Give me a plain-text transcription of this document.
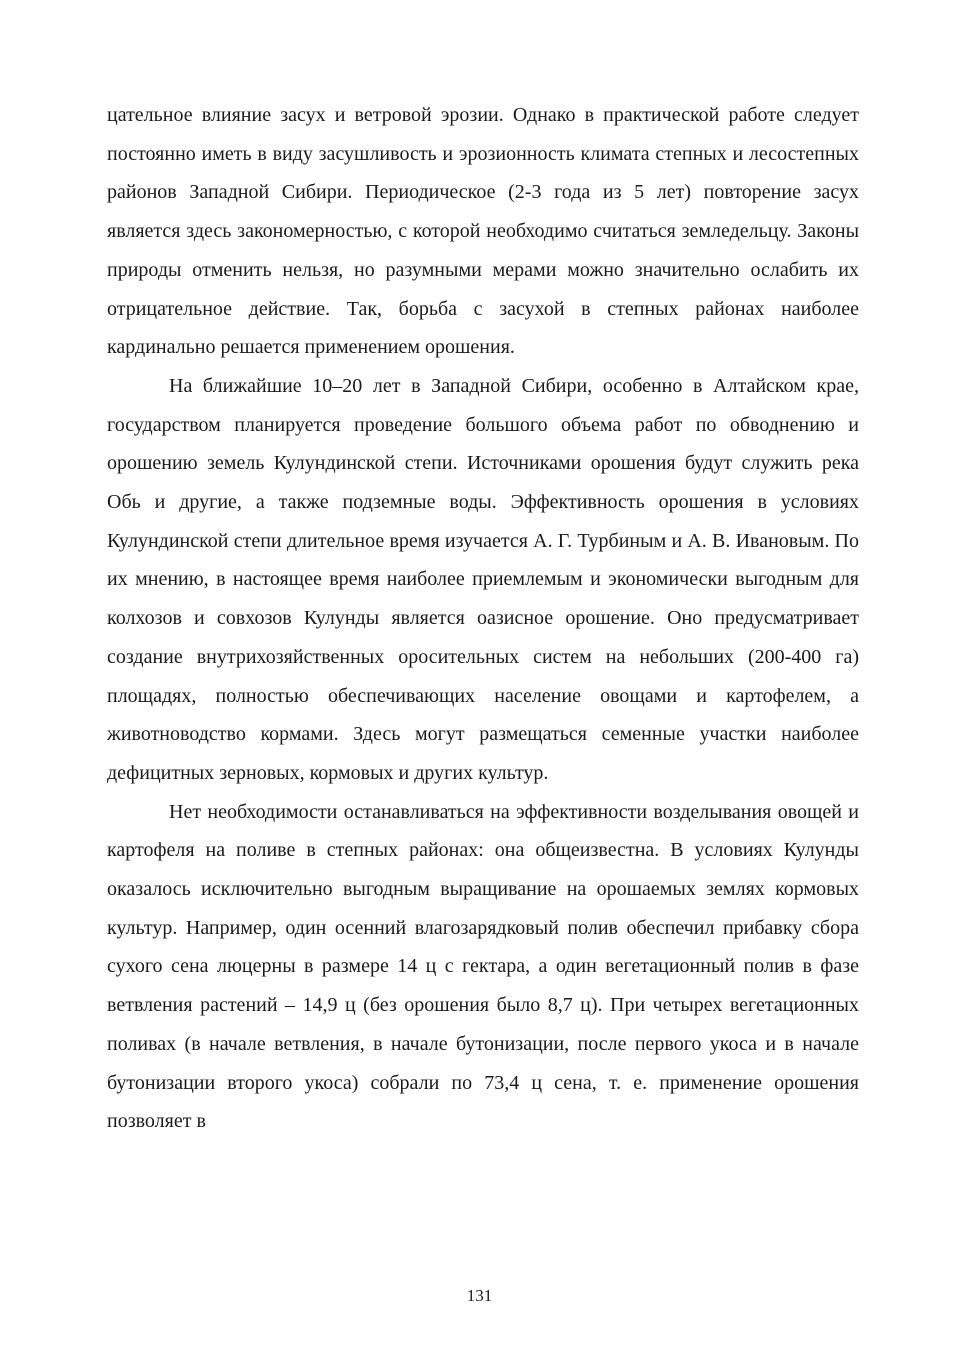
цательное влияние засух и ветровой эрозии. Однако в практической работе следует постоянно иметь в виду засушливость и эрозионность климата степных и лесостепных районов Западной Сибири. Периодическое (2-3 года из 5 лет) повторение засух является здесь закономерностью, с которой необходимо считаться земледельцу. Законы природы отменить нельзя, но разумными мерами можно значительно ослабить их отрицательное действие. Так, борьба с засухой в степных районах наиболее кардинально решается применением орошения.

На ближайшие 10–20 лет в Западной Сибири, особенно в Алтайском крае, государством планируется проведение большого объема работ по обводнению и орошению земель Кулундинской степи. Источниками орошения будут служить река Обь и другие, а также подземные воды. Эффективность орошения в условиях Кулундинской степи длительное время изучается А. Г. Турбиным и А. В. Ивановым. По их мнению, в настоящее время наиболее приемлемым и экономически выгодным для колхозов и совхозов Кулунды является оазисное орошение. Оно предусматривает создание внутрихозяйственных оросительных систем на небольших (200-400 га) площадях, полностью обеспечивающих население овощами и картофелем, а животноводство кормами. Здесь могут размещаться семенные участки наиболее дефицитных зерновых, кормовых и других культур.

Нет необходимости останавливаться на эффективности возделывания овощей и картофеля на поливе в степных районах: она общеизвестна. В условиях Кулунды оказалось исключительно выгодным выращивание на орошаемых землях кормовых культур. Например, один осенний влагозарядковый полив обеспечил прибавку сбора сухого сена люцерны в размере 14 ц с гектара, а один вегетационный полив в фазе ветвления растений – 14,9 ц (без орошения было 8,7 ц). При четырех вегетационных поливах (в начале ветвления, в начале бутонизации, после первого укоса и в начале бутонизации второго укоса) собрали по 73,4 ц сена, т. е. применение орошения позволяет в

131
